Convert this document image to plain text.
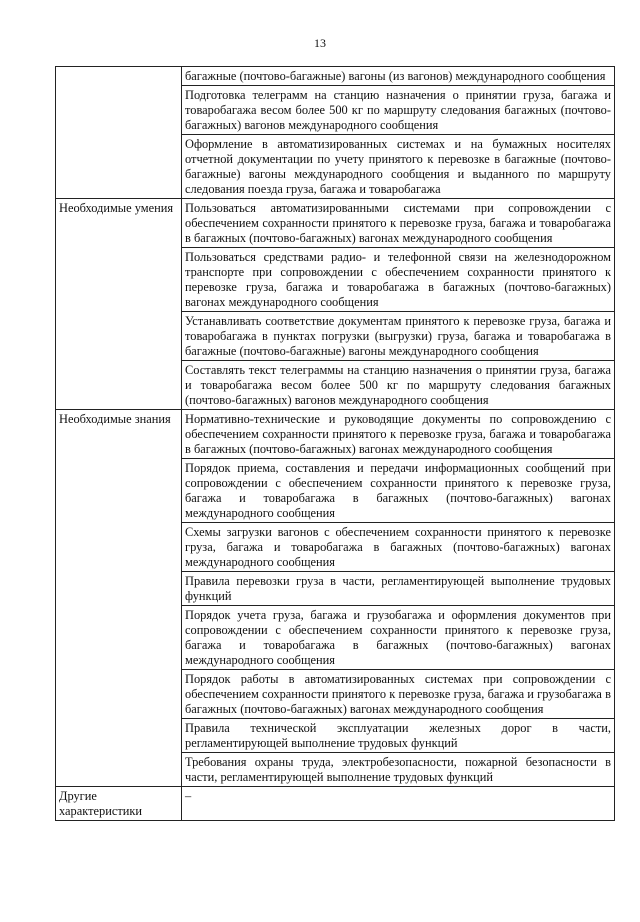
13
	багажные (почтово-багажные) вагоны (из вагонов) международного сообщения
	Подготовка телеграмм на станцию назначения о принятии груза, багажа и товаробагажа весом более 500 кг по маршруту следования багажных (почтово-багажных) вагонов международного сообщения
	Оформление в автоматизированных системах и на бумажных носителях отчетной документации по учету принятого к перевозке в багажные (почтово-багажные) вагоны международного сообщения и выданного по маршруту следования поезда груза, багажа и товаробагажа
Необходимые умения	Пользоваться автоматизированными системами при сопровождении с обеспечением сохранности принятого к перевозке груза, багажа и товаробагажа в багажных (почтово-багажных) вагонах международного сообщения
	Пользоваться средствами радио- и телефонной связи на железнодорожном транспорте при сопровождении с обеспечением сохранности принятого к перевозке груза, багажа и товаробагажа в багажных (почтово-багажных) вагонах международного сообщения
	Устанавливать соответствие документам принятого к перевозке груза, багажа и товаробагажа в пунктах погрузки (выгрузки) груза, багажа и товаробагажа в багажные (почтово-багажные) вагоны международного сообщения
	Составлять текст телеграммы на станцию назначения о принятии груза, багажа и товаробагажа весом более 500 кг по маршруту следования багажных (почтово-багажных) вагонов международного сообщения
Необходимые знания	Нормативно-технические и руководящие документы по сопровождению с обеспечением сохранности принятого к перевозке груза, багажа и товаробагажа в багажных (почтово-багажных) вагонах международного сообщения
	Порядок приема, составления и передачи информационных сообщений при сопровождении с обеспечением сохранности принятого к перевозке груза, багажа и товаробагажа в багажных (почтово-багажных) вагонах международного сообщения
	Схемы загрузки вагонов с обеспечением сохранности принятого к перевозке груза, багажа и товаробагажа в багажных (почтово-багажных) вагонах международного сообщения
	Правила перевозки груза в части, регламентирующей выполнение трудовых функций
	Порядок учета груза, багажа и грузобагажа и оформления документов при сопровождении с обеспечением сохранности принятого к перевозке груза, багажа и товаробагажа в багажных (почтово-багажных) вагонах международного сообщения
	Порядок работы в автоматизированных системах при сопровождении с обеспечением сохранности принятого к перевозке груза, багажа и грузобагажа в багажных (почтово-багажных) вагонах международного сообщения
	Правила технической эксплуатации железных дорог в части, регламентирующей выполнение трудовых функций
	Требования охраны труда, электробезопасности, пожарной безопасности в части, регламентирующей выполнение трудовых функций
Другие характеристики	–
